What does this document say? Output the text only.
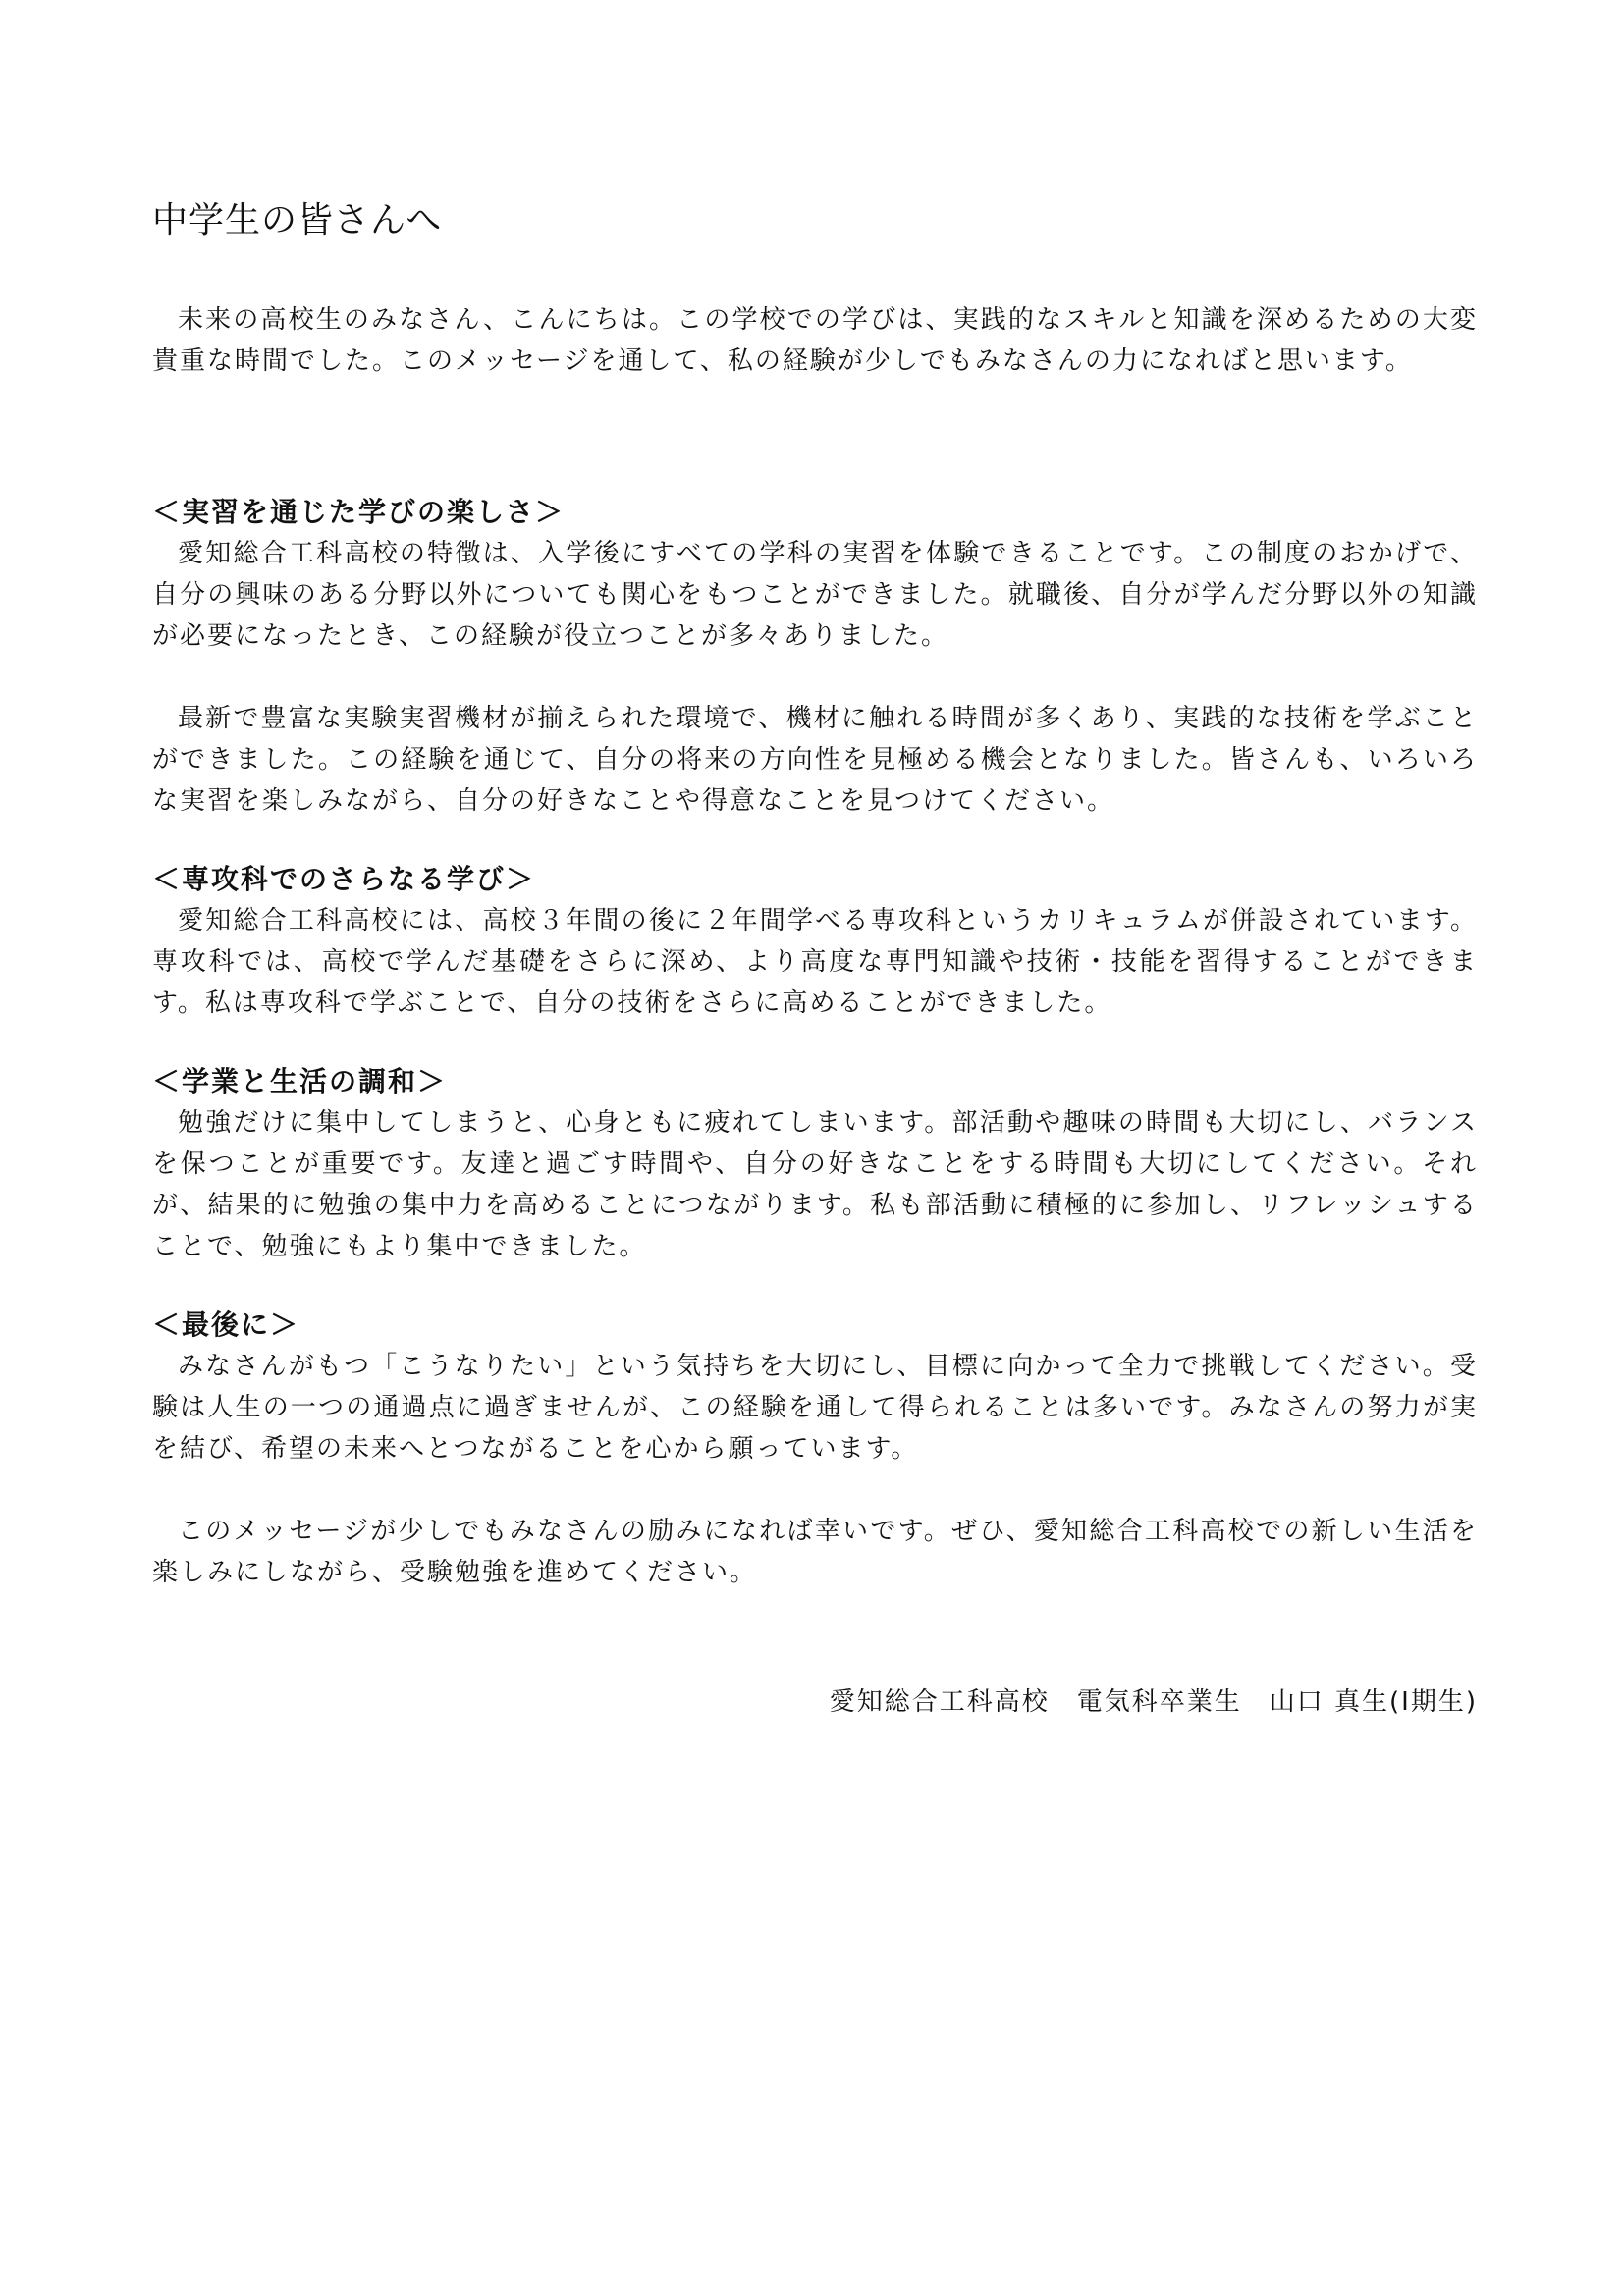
中学生の皆さんへ

未来の高校生のみなさん、こんにちは。この学校での学びは、実践的なスキルと知識を深めるための大変貴重な時間でした。このメッセージを通して、私の経験が少しでもみなさんの力になればと思います。

＜実習を通じた学びの楽しさ＞

愛知総合工科高校の特徴は、入学後にすべての学科の実習を体験できることです。この制度のおかげで、自分の興味のある分野以外についても関心をもつことができました。就職後、自分が学んだ分野以外の知識が必要になったとき、この経験が役立つことが多々ありました。

最新で豊富な実験実習機材が揃えられた環境で、機材に触れる時間が多くあり、実践的な技術を学ぶことができました。この経験を通じて、自分の将来の方向性を見極める機会となりました。皆さんも、いろいろな実習を楽しみながら、自分の好きなことや得意なことを見つけてください。

＜専攻科でのさらなる学び＞

愛知総合工科高校には、高校３年間の後に２年間学べる専攻科というカリキュラムが併設されています。専攻科では、高校で学んだ基礎をさらに深め、より高度な専門知識や技術・技能を習得することができます。私は専攻科で学ぶことで、自分の技術をさらに高めることができました。

＜学業と生活の調和＞

勉強だけに集中してしまうと、心身ともに疲れてしまいます。部活動や趣味の時間も大切にし、バランスを保つことが重要です。友達と過ごす時間や、自分の好きなことをする時間も大切にしてください。それが、結果的に勉強の集中力を高めることにつながります。私も部活動に積極的に参加し、リフレッシュすることで、勉強にもより集中できました。

＜最後に＞

みなさんがもつ「こうなりたい」という気持ちを大切にし、目標に向かって全力で挑戦してください。受験は人生の一つの通過点に過ぎませんが、この経験を通して得られることは多いです。みなさんの努力が実を結び、希望の未来へとつながることを心から願っています。

このメッセージが少しでもみなさんの励みになれば幸いです。ぜひ、愛知総合工科高校での新しい生活を楽しみにしながら、受験勉強を進めてください。

愛知総合工科高校　電気科卒業生　山口 真生(Ⅰ期生)
